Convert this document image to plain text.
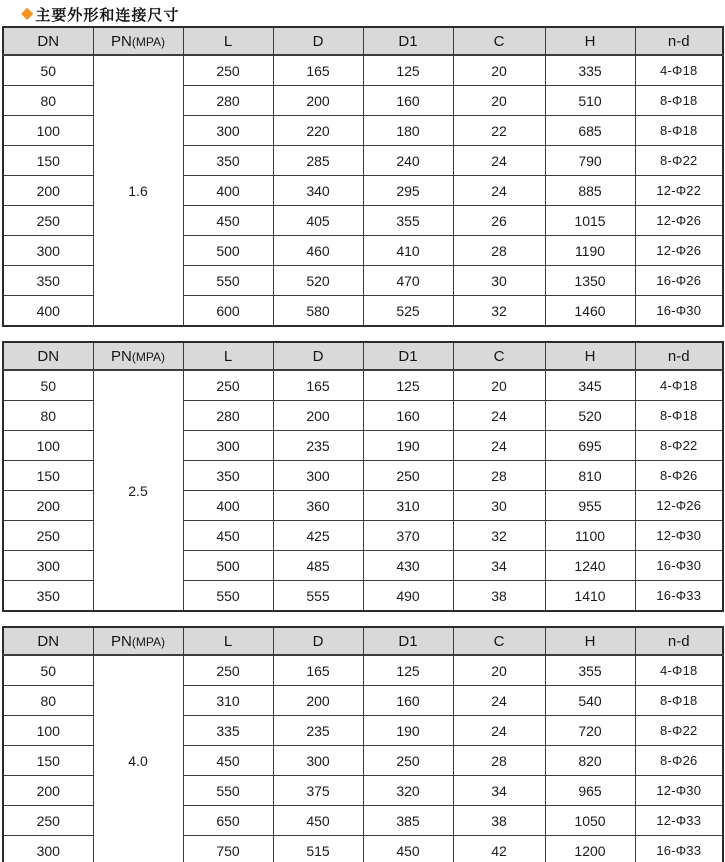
◆ 主要外形和连接尺寸
DN	PN(MPA)	L	D	D1	C	H	n-d
50	1.6	250	165	125	20	335	4-Φ18
80		280	200	160	20	510	8-Φ18
100		300	220	180	22	685	8-Φ18
150		350	285	240	24	790	8-Φ22
200		400	340	295	24	885	12-Φ22
250		450	405	355	26	1015	12-Φ26
300		500	460	410	28	1190	12-Φ26
350		550	520	470	30	1350	16-Φ26
400		600	580	525	32	1460	16-Φ30
DN	PN(MPA)	L	D	D1	C	H	n-d
50	2.5	250	165	125	20	345	4-Φ18
80		280	200	160	24	520	8-Φ18
100		300	235	190	24	695	8-Φ22
150		350	300	250	28	810	8-Φ26
200		400	360	310	30	955	12-Φ26
250		450	425	370	32	1100	12-Φ30
300		500	485	430	34	1240	16-Φ30
350		550	555	490	38	1410	16-Φ33
DN	PN(MPA)	L	D	D1	C	H	n-d
50	4.0	250	165	125	20	355	4-Φ18
80		310	200	160	24	540	8-Φ18
100		335	235	190	24	720	8-Φ22
150		450	300	250	28	820	8-Φ26
200		550	375	320	34	965	12-Φ30
250		650	450	385	38	1050	12-Φ33
300		750	515	450	42	1200	16-Φ33
